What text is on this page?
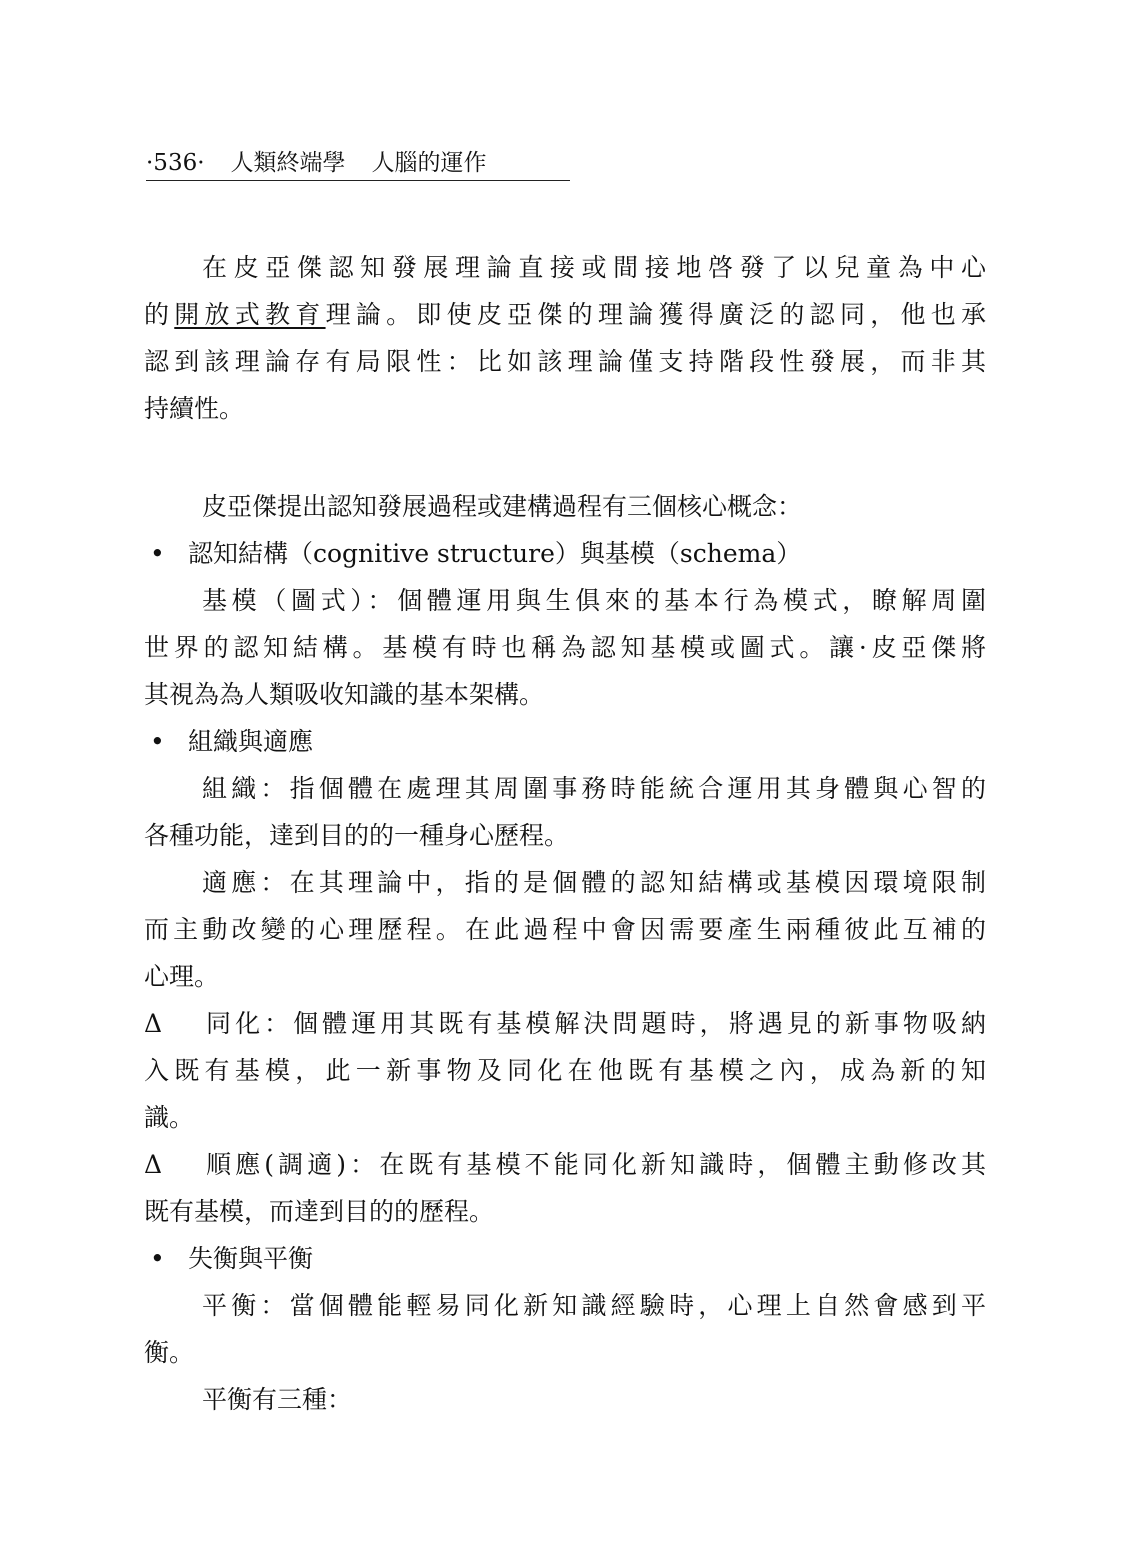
·536· 人類終端學 人腦的運作
在皮亞傑認知發展理論直接或間接地啓發了以兒童為中心
的開放式教育理論。即使皮亞傑的理論獲得廣泛的認同，他也承
認到該理論存有局限性：比如該理論僅支持階段性發展，而非其
持續性。
皮亞傑提出認知發展過程或建構過程有三個核心概念：
• 認知結構（cognitive structure）與基模（schema）
基模（圖式）：個體運用與生俱來的基本行為模式，瞭解周圍
世界的認知結構。基模有時也稱為認知基模或圖式。讓·皮亞傑將
其視為為人類吸收知識的基本架構。
• 組織與適應
組織：指個體在處理其周圍事務時能統合運用其身體與心智的
各種功能，達到目的的一種身心歷程。
適應：在其理論中，指的是個體的認知結構或基模因環境限制
而主動改變的心理歷程。在此過程中會因需要產生兩種彼此互補的
心理。
Δ 同化：個體運用其既有基模解決問題時，將遇見的新事物吸納
入既有基模，此一新事物及同化在他既有基模之內，成為新的知
識。
Δ 順應(調適)：在既有基模不能同化新知識時，個體主動修改其
既有基模，而達到目的的歷程。
• 失衡與平衡
平衡：當個體能輕易同化新知識經驗時，心理上自然會感到平
衡。
平衡有三種：
